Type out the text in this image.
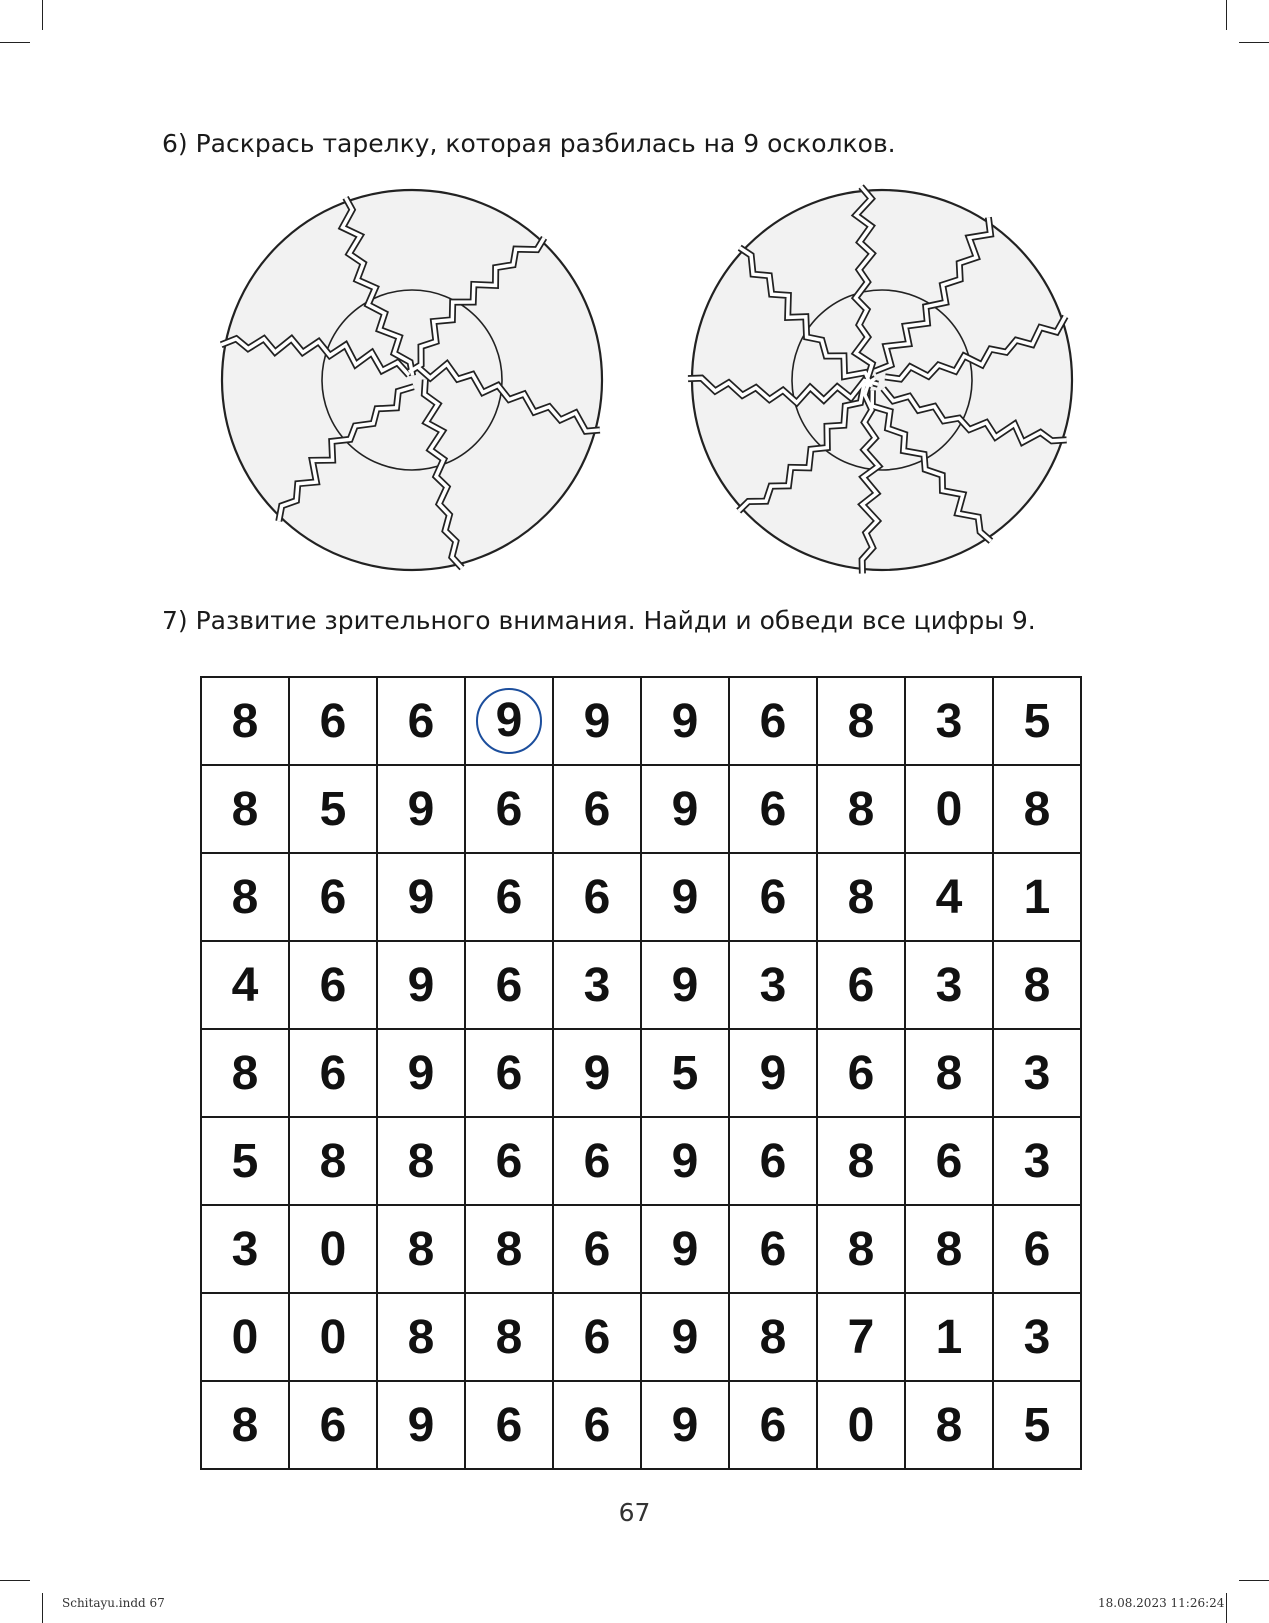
6) Раскрась тарелку, которая разбилась на 9 осколков.
7) Развитие зрительного внимания. Найди и обведи все цифры 9.
8	6	6	9	9	9	6	8	3	5
8	5	9	6	6	9	6	8	0	8
8	6	9	6	6	9	6	8	4	1
4	6	9	6	3	9	3	6	3	8
8	6	9	6	9	5	9	6	8	3
5	8	8	6	6	9	6	8	6	3
3	0	8	8	6	9	6	8	8	6
0	0	8	8	6	9	8	7	1	3
8	6	9	6	6	9	6	0	8	5
67
Schitayu.indd 67	18.08.2023 11:26:24
